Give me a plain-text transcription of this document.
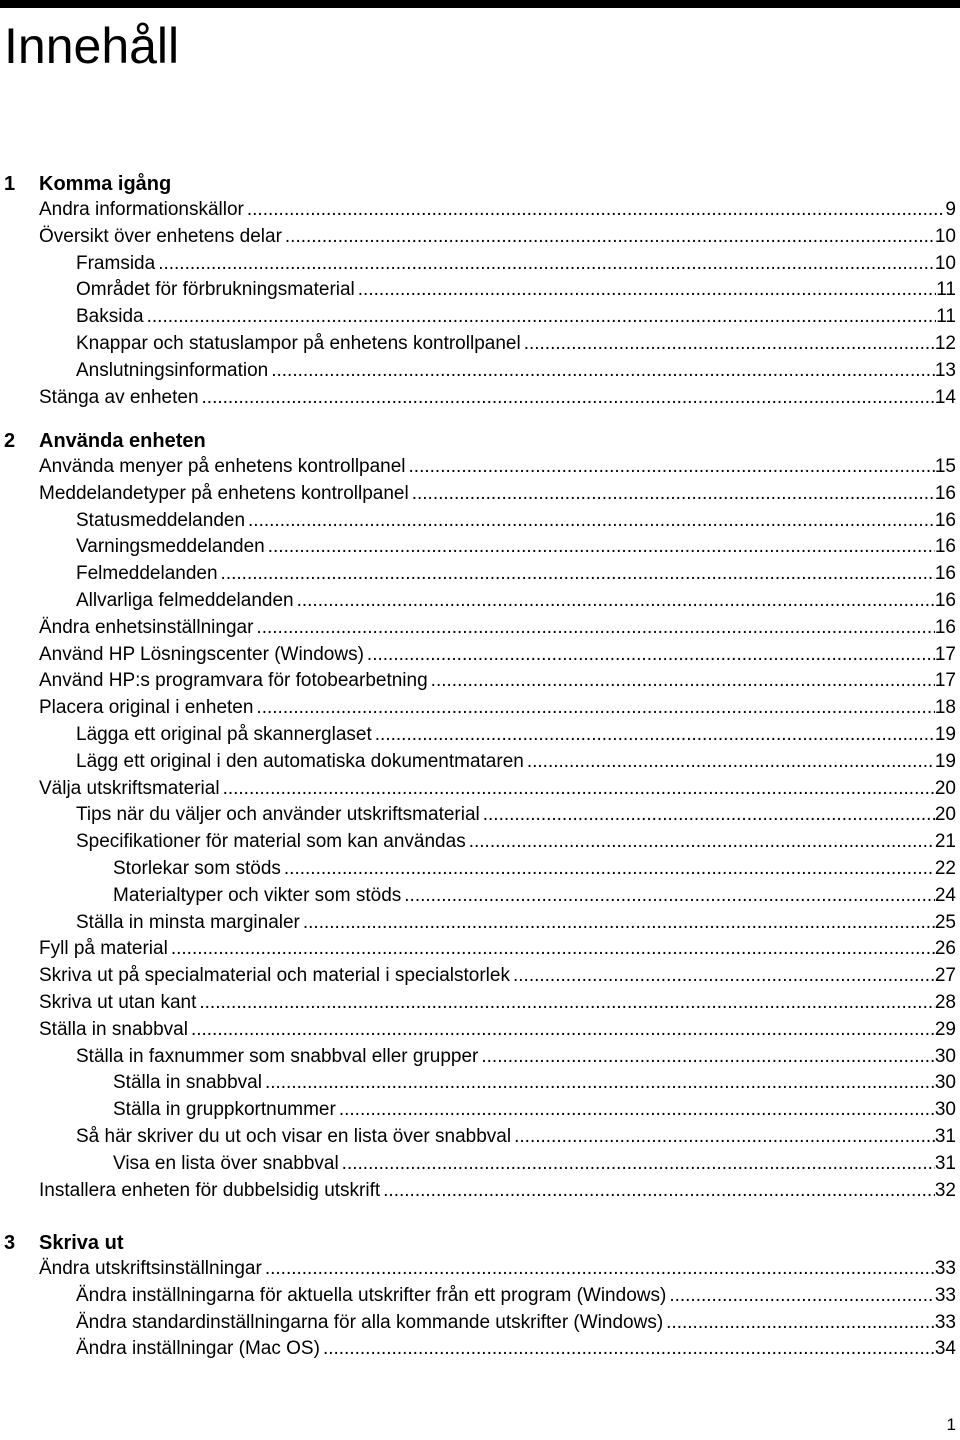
Innehåll
1 Komma igång
Andra informationskällor .....	9
Översikt över enhetens delar .....	10
Framsida .....	10
Området för förbrukningsmaterial .....	11
Baksida .....	11
Knappar och statuslampor på enhetens kontrollpanel .....	12
Anslutningsinformation .....	13
Stänga av enheten .....	14
2 Använda enheten
Använda menyer på enhetens kontrollpanel .....	15
Meddelandetyper på enhetens kontrollpanel .....	16
Statusmeddelanden .....	16
Varningsmeddelanden .....	16
Felmeddelanden .....	16
Allvarliga felmeddelanden .....	16
Ändra enhetsinställningar .....	16
Använd HP Lösningscenter (Windows) .....	17
Använd HP:s programvara för fotobearbetning .....	17
Placera original i enheten .....	18
Lägga ett original på skannerglaset .....	19
Lägg ett original i den automatiska dokumentmataren .....	19
Välja utskriftsmaterial .....	20
Tips när du väljer och använder utskriftsmaterial .....	20
Specifikationer för material som kan användas .....	21
Storlekar som stöds .....	22
Materialtyper och vikter som stöds .....	24
Ställa in minsta marginaler .....	25
Fyll på material .....	26
Skriva ut på specialmaterial och material i specialstorlek .....	27
Skriva ut utan kant .....	28
Ställa in snabbval .....	29
Ställa in faxnummer som snabbval eller grupper .....	30
Ställa in snabbval .....	30
Ställa in gruppkortnummer .....	30
Så här skriver du ut och visar en lista över snabbval .....	31
Visa en lista över snabbval .....	31
Installera enheten för dubbelsidig utskrift .....	32
3 Skriva ut
Ändra utskriftsinställningar .....	33
Ändra inställningarna för aktuella utskrifter från ett program (Windows) .....	33
Ändra standardinställningarna för alla kommande utskrifter (Windows) .....	33
Ändra inställningar (Mac OS) .....	34
1
